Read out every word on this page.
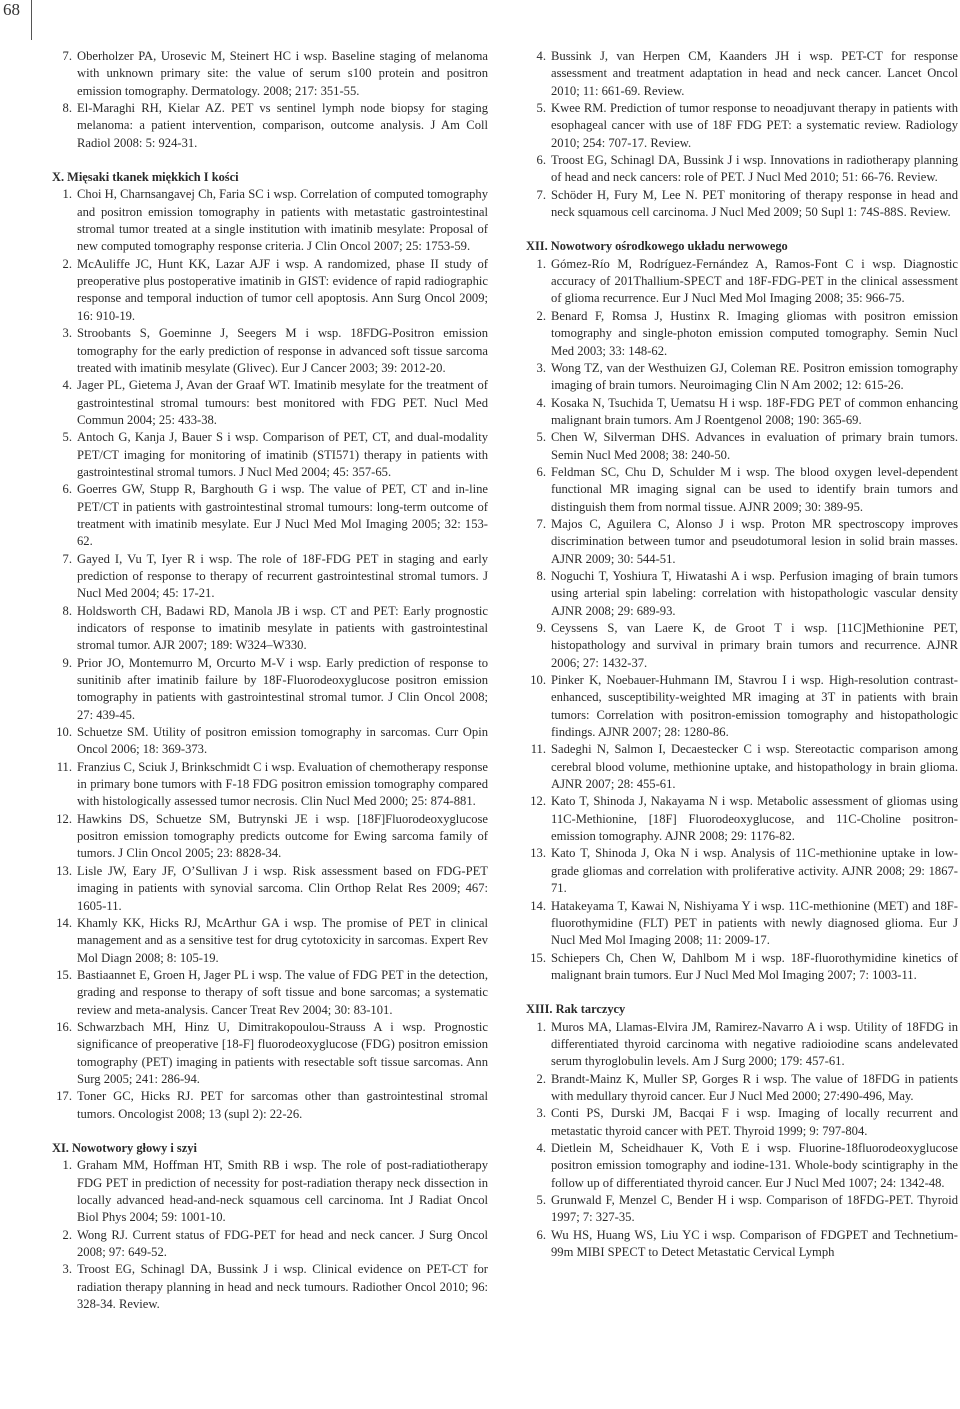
68
7. Oberholzer PA, Urosevic M, Steinert HC i wsp. Baseline staging of melanoma with unknown primary site: the value of serum s100 protein and positron emission tomography. Dermatology. 2008; 217: 351-55.
8. El-Maraghi RH, Kielar AZ. PET vs sentinel lymph node biopsy for staging melanoma: a patient intervention, comparison, outcome analysis. J Am Coll Radiol 2008: 5: 924-31.
X. Mięsaki tkanek miękkich I kości
1. Choi H, Charnsangavej Ch, Faria SC i wsp. Correlation of computed tomography and positron emission tomography in patients with metastatic gastrointestinal stromal tumor treated at a single institution with imatinib mesylate: Proposal of new computed tomography response criteria. J Clin Oncol 2007; 25: 1753-59.
2. McAuliffe JC, Hunt KK, Lazar AJF i wsp. A randomized, phase II study of preoperative plus postoperative imatinib in GIST: evidence of rapid radiographic response and temporal induction of tumor cell apoptosis. Ann Surg Oncol 2009; 16: 910-19.
3. Stroobants S, Goeminne J, Seegers M i wsp. 18FDG-Positron emission tomography for the early prediction of response in advanced soft tissue sarcoma treated with imatinib mesylate (Glivec). Eur J Cancer 2003; 39: 2012-20.
4. Jager PL, Gietema J, Avan der Graaf WT. Imatinib mesylate for the treatment of gastrointestinal stromal tumours: best monitored with FDG PET. Nucl Med Commun 2004; 25: 433-38.
5. Antoch G, Kanja J, Bauer S i wsp. Comparison of PET, CT, and dual-modality PET/CT imaging for monitoring of imatinib (STI571) therapy in patients with gastrointestinal stromal tumors. J Nucl Med 2004; 45: 357-65.
6. Goerres GW, Stupp R, Barghouth G i wsp. The value of PET, CT and in-line PET/CT in patients with gastrointestinal stromal tumours: long-term outcome of treatment with imatinib mesylate. Eur J Nucl Med Mol Imaging 2005; 32: 153-62.
7. Gayed I, Vu T, Iyer R i wsp. The role of 18F-FDG PET in staging and early prediction of response to therapy of recurrent gastrointestinal stromal tumors. J Nucl Med 2004; 45: 17-21.
8. Holdsworth CH, Badawi RD, Manola JB i wsp. CT and PET: Early prognostic indicators of response to imatinib mesylate in patients with gastrointestinal stromal tumor. AJR 2007; 189: W324–W330.
9. Prior JO, Montemurro M, Orcurto M-V i wsp. Early prediction of response to sunitinib after imatinib failure by 18F-Fluorodeoxyglucose positron emission tomography in patients with gastrointestinal stromal tumor. J Clin Oncol 2008; 27: 439-45.
10. Schuetze SM. Utility of positron emission tomography in sarcomas. Curr Opin Oncol 2006; 18: 369-373.
11. Franzius C, Sciuk J, Brinkschmidt C i wsp. Evaluation of chemotherapy response in primary bone tumors with F-18 FDG positron emission tomography compared with histologically assessed tumor necrosis. Clin Nucl Med 2000; 25: 874-881.
12. Hawkins DS, Schuetze SM, Butrynski JE i wsp. [18F]Fluorodeoxyglucose positron emission tomography predicts outcome for Ewing sarcoma family of tumors. J Clin Oncol 2005; 23: 8828-34.
13. Lisle JW, Eary JF, O’Sullivan J i wsp. Risk assessment based on FDG-PET imaging in patients with synovial sarcoma. Clin Orthop Relat Res 2009; 467: 1605-11.
14. Khamly KK, Hicks RJ, McArthur GA i wsp. The promise of PET in clinical management and as a sensitive test for drug cytotoxicity in sarcomas. Expert Rev Mol Diagn 2008; 8: 105-19.
15. Bastiaannet E, Groen H, Jager PL i wsp. The value of FDG PET in the detection, grading and response to therapy of soft tissue and bone sarcomas; a systematic review and meta-analysis. Cancer Treat Rev 2004; 30: 83-101.
16. Schwarzbach MH, Hinz U, Dimitrakopoulou-Strauss A i wsp. Prognostic significance of preoperative [18-F] fluorodeoxyglucose (FDG) positron emission tomography (PET) imaging in patients with resectable soft tissue sarcomas. Ann Surg 2005; 241: 286-94.
17. Toner GC, Hicks RJ. PET for sarcomas other than gastrointestinal stromal tumors. Oncologist 2008; 13 (supl 2): 22-26.
XI. Nowotwory głowy i szyi
1. Graham MM, Hoffman HT, Smith RB i wsp. The role of post-radiatiotherapy FDG PET in prediction of necessity for post-radiation therapy neck dissection in locally advanced head-and-neck squamous cell carcinoma. Int J Radiat Oncol Biol Phys 2004; 59: 1001-10.
2. Wong RJ. Current status of FDG-PET for head and neck cancer. J Surg Oncol 2008; 97: 649-52.
3. Troost EG, Schinagl DA, Bussink J i wsp. Clinical evidence on PET-CT for radiation therapy planning in head and neck tumours. Radiother Oncol 2010; 96: 328-34. Review.
4. Bussink J, van Herpen CM, Kaanders JH i wsp. PET-CT for response assessment and treatment adaptation in head and neck cancer. Lancet Oncol 2010; 11: 661-69. Review.
5. Kwee RM. Prediction of tumor response to neoadjuvant therapy in patients with esophageal cancer with use of 18F FDG PET: a systematic review. Radiology 2010; 254: 707-17. Review.
6. Troost EG, Schinagl DA, Bussink J i wsp. Innovations in radiotherapy planning of head and neck cancers: role of PET. J Nucl Med 2010; 51: 66-76. Review.
7. Schöder H, Fury M, Lee N. PET monitoring of therapy response in head and neck squamous cell carcinoma. J Nucl Med 2009; 50 Supl 1: 74S-88S. Review.
XII. Nowotwory ośrodkowego układu nerwowego
1. Gómez-Río M, Rodríguez-Fernández A, Ramos-Font C i wsp. Diagnostic accuracy of 201Thallium-SPECT and 18F-FDG-PET in the clinical assessment of glioma recurrence. Eur J Nucl Med Mol Imaging 2008; 35: 966-75.
2. Benard F, Romsa J, Hustinx R. Imaging gliomas with positron emission tomography and single-photon emission computed tomography. Semin Nucl Med 2003; 33: 148-62.
3. Wong TZ, van der Westhuizen GJ, Coleman RE. Positron emission tomography imaging of brain tumors. Neuroimaging Clin N Am 2002; 12: 615-26.
4. Kosaka N, Tsuchida T, Uematsu H i wsp. 18F-FDG PET of common enhancing malignant brain tumors. Am J Roentgenol 2008; 190: 365-69.
5. Chen W, Silverman DHS. Advances in evaluation of primary brain tumors. Semin Nucl Med 2008; 38: 240-50.
6. Feldman SC, Chu D, Schulder M i wsp. The blood oxygen level-dependent functional MR imaging signal can be used to identify brain tumors and distinguish them from normal tissue. AJNR 2009; 30: 389-95.
7. Majos C, Aguilera C, Alonso J i wsp. Proton MR spectroscopy improves discrimination between tumor and pseudotumoral lesion in solid brain masses. AJNR 2009; 30: 544-51.
8. Noguchi T, Yoshiura T, Hiwatashi A i wsp. Perfusion imaging of brain tumors using arterial spin labeling: correlation with histopathologic vascular density AJNR 2008; 29: 689-93.
9. Ceyssens S, van Laere K, de Groot T i wsp. [11C]Methionine PET, histopathology and survival in primary brain tumors and recurrence. AJNR 2006; 27: 1432-37.
10. Pinker K, Noebauer-Huhmann IM, Stavrou I i wsp. High-resolution contrast-enhanced, susceptibility-weighted MR imaging at 3T in patients with brain tumors: Correlation with positron-emission tomography and histopathologic findings. AJNR 2007; 28: 1280-86.
11. Sadeghi N, Salmon I, Decaestecker C i wsp. Stereotactic comparison among cerebral blood volume, methionine uptake, and histopathology in brain glioma. AJNR 2007; 28: 455-61.
12. Kato T, Shinoda J, Nakayama N i wsp. Metabolic assessment of gliomas using 11C-Methionine, [18F] Fluorodeoxyglucose, and 11C-Choline positron-emission tomography. AJNR 2008; 29: 1176-82.
13. Kato T, Shinoda J, Oka N i wsp. Analysis of 11C-methionine uptake in low-grade gliomas and correlation with proliferative activity. AJNR 2008; 29: 1867-71.
14. Hatakeyama T, Kawai N, Nishiyama Y i wsp. 11C-methionine (MET) and 18F-fluorothymidine (FLT) PET in patients with newly diagnosed glioma. Eur J Nucl Med Mol Imaging 2008; 11: 2009-17.
15. Schiepers Ch, Chen W, Dahlbom M i wsp. 18F-fluorothymidine kinetics of malignant brain tumors. Eur J Nucl Med Mol Imaging 2007; 7: 1003-11.
XIII. Rak tarczycy
1. Muros MA, Llamas-Elvira JM, Ramirez-Navarro A i wsp. Utility of 18FDG in differentiated thyroid carcinoma with negative radioiodine scans andelevated serum thyroglobulin levels. Am J Surg 2000; 179: 457-61.
2. Brandt-Mainz K, Muller SP, Gorges R i wsp. The value of 18FDG in patients with medullary thyroid cancer. Eur J Nucl Med 2000; 27:490-496, May.
3. Conti PS, Durski JM, Bacqai F i wsp. Imaging of locally recurrent and metastatic thyroid cancer with PET. Thyroid 1999; 9: 797-804.
4. Dietlein M, Scheidhauer K, Voth E i wsp. Fluorine-18fluorodeoxyglucose positron emission tomography and iodine-131. Whole-body scintigraphy in the follow up of differentiated thyroid cancer. Eur J Nucl Med 1007; 24: 1342-48.
5. Grunwald F, Menzel C, Bender H i wsp. Comparison of 18FDG-PET. Thyroid 1997; 7: 327-35.
6. Wu HS, Huang WS, Liu YC i wsp. Comparison of FDGPET and Technetium-99m MIBI SPECT to Detect Metastatic Cervical Lymph
